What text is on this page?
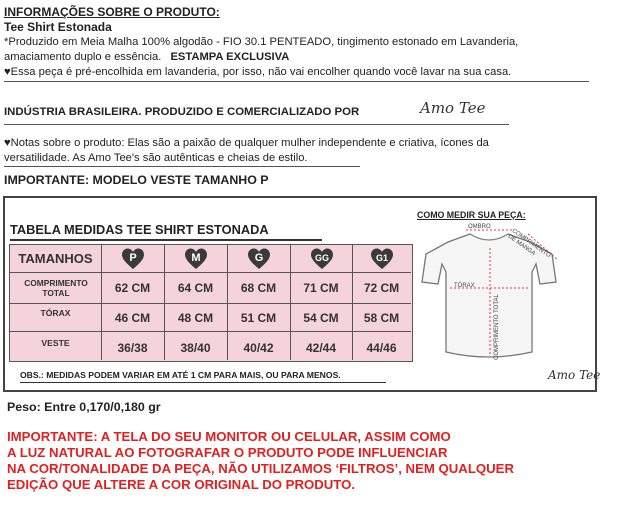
INFORMAÇÕES SOBRE O PRODUTO:
Tee Shirt Estonada
*Produzido em Meia Malha 100% algodão - FIO 30.1 PENTEADO, tingimento estonado em Lavanderia,
amaciamento duplo e essência. ESTAMPA EXCLUSIVA
♥Essa peça é pré-encolhida em lavanderia, por isso, não vai encolher quando você lavar na sua casa.
INDÚSTRIA BRASILEIRA. PRODUZIDO E COMERCIALIZADO POR	Amo Tee
♥Notas sobre o produto: Elas são a paixão de qualquer mulher independente e criativa, ícones da
versatilidade. As Amo Tee's são autênticas e cheias de estilo.
IMPORTANTE: MODELO VESTE TAMANHO P
TABELA MEDIDAS TEE SHIRT ESTONADA
TAMANHOS	P	M	G	GG	G1
COMPRIMENTO TOTAL	62 CM	64 CM	68 CM	71 CM	72 CM
TÓRAX	46 CM	48 CM	51 CM	54 CM	58 CM
VESTE	36/38	38/40	40/42	42/44	44/46
OBS.: MEDIDAS PODEM VARIAR EM ATÉ 1 CM PARA MAIS, OU PARA MENOS.
COMO MEDIR SUA PEÇA:
OMBRO
COMPRIMENTO DE MANGA
TÓRAX
COMPRIMENTO TOTAL
Amo Tee
Peso: Entre 0,170/0,180 gr
IMPORTANTE: A TELA DO SEU MONITOR OU CELULAR, ASSIM COMO
A LUZ NATURAL AO FOTOGRAFAR O PRODUTO PODE INFLUENCIAR
NA COR/TONALIDADE DA PEÇA, NÃO UTILIZAMOS ‘FILTROS’, NEM QUALQUER
EDIÇÃO QUE ALTERE A COR ORIGINAL DO PRODUTO.
